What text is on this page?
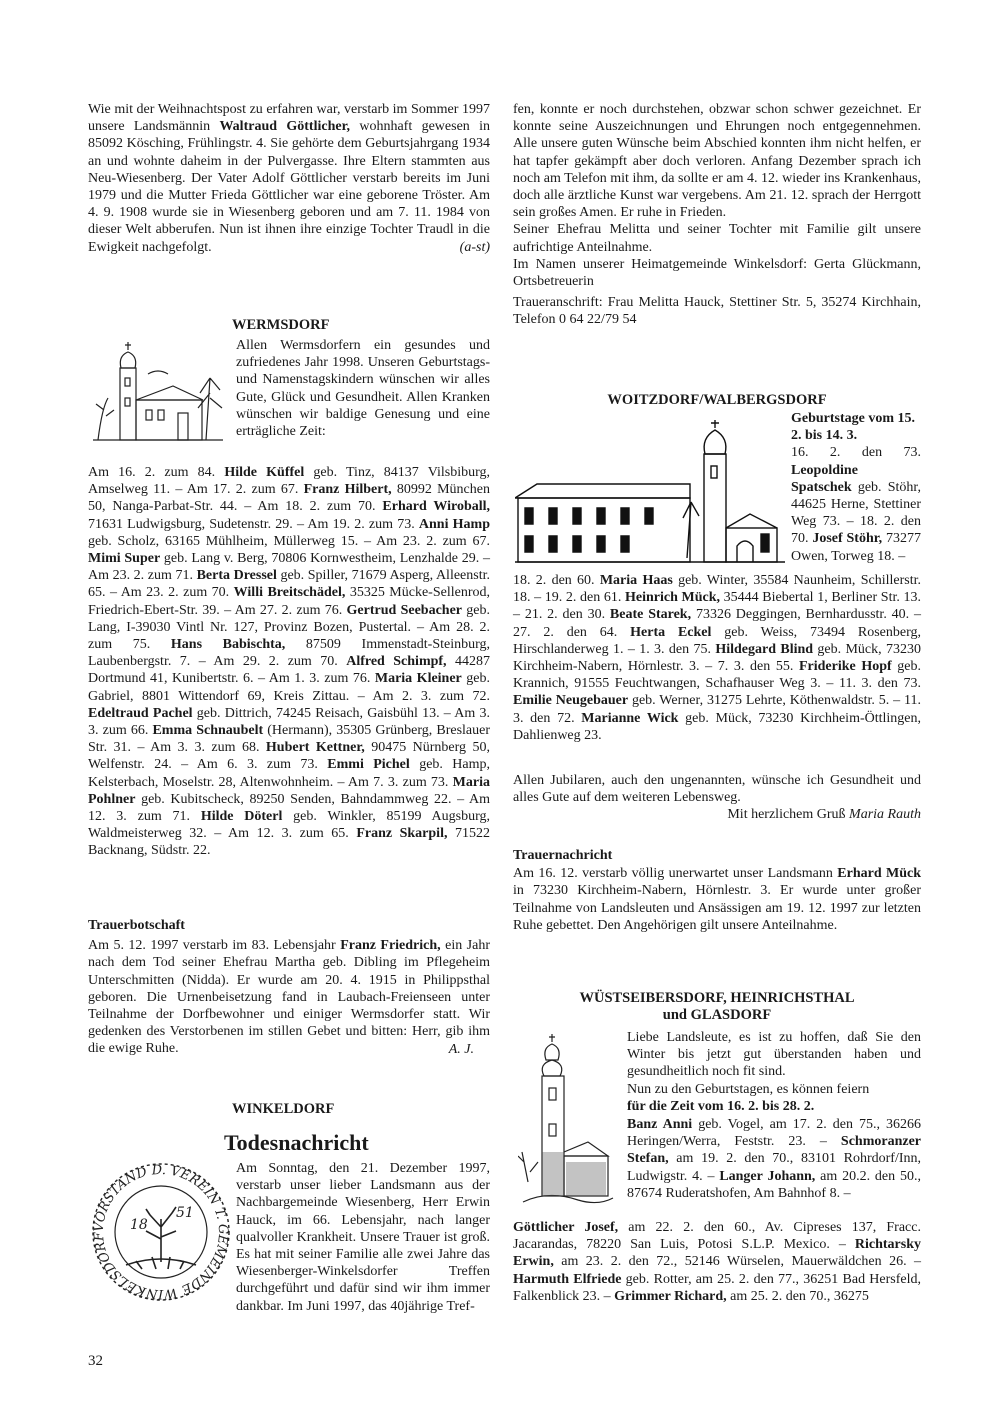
Wie mit der Weihnachtspost zu erfahren war, verstarb im Sommer 1997 unsere Landsmännin Waltraud Göttlicher, wohnhaft gewesen in 85092 Kösching, Frühlingstr. 4. Sie gehörte dem Geburtsjahrgang 1934 an und wohnte daheim in der Pulvergasse. Ihre Eltern stammten aus Neu-Wiesenberg. Der Vater Adolf Göttlicher verstarb bereits im Juni 1979 und die Mutter Frieda Göttlicher war eine geborene Tröster. Am 4. 9. 1908 wurde sie in Wiesenberg geboren und am 7. 11. 1984 von dieser Welt abberufen. Nun ist ihnen ihre einzige Tochter Traudl in die Ewigkeit nachgefolgt.	(a-st)

WERMSDORF

Allen Wermsdorfern ein gesundes und zufriedenes Jahr 1998. Unseren Geburtstags- und Namenstagskindern wünschen wir alles Gute, Glück und Gesundheit. Allen Kranken wünschen wir baldige Genesung und eine erträgliche Zeit:

Am 16. 2. zum 84. Hilde Küffel geb. Tinz, 84137 Vilsbiburg, Amselweg 11. – Am 17. 2. zum 67. Franz Hilbert, 80992 München 50, Nanga-Parbat-Str. 44. – Am 18. 2. zum 70. Erhard Wiroball, 71631 Ludwigsburg, Sudetenstr. 29. – Am 19. 2. zum 73. Anni Hamp geb. Scholz, 63165 Mühlheim, Müllerweg 15. – Am 23. 2. zum 67. Mimi Super geb. Lang v. Berg, 70806 Kornwestheim, Lenzhalde 29. – Am 23. 2. zum 71. Berta Dressel geb. Spiller, 71679 Asperg, Alleenstr. 65. – Am 23. 2. zum 70. Willi Breitschädel, 35325 Mücke-Sellenrod, Friedrich-Ebert-Str. 39. – Am 27. 2. zum 76. Gertrud Seebacher geb. Lang, I-39030 Vintl Nr. 127, Provinz Bozen, Pustertal. – Am 28. 2. zum 75. Hans Babischta, 87509 Immenstadt-Steinburg, Laubenbergstr. 7. – Am 29. 2. zum 70. Alfred Schimpf, 44287 Dortmund 41, Kunibertstr. 6. – Am 1. 3. zum 76. Maria Kleiner geb. Gabriel, 8801 Wittendorf 69, Kreis Zittau. – Am 2. 3. zum 72. Edeltraud Pachel geb. Dittrich, 74245 Reisach, Gaisbühl 13. – Am 3. 3. zum 66. Emma Schnaubelt (Hermann), 35305 Grünberg, Breslauer Str. 31. – Am 3. 3. zum 68. Hubert Kettner, 90475 Nürnberg 50, Welfenstr. 24. – Am 6. 3. zum 73. Emmi Pichel geb. Hamp, Kelsterbach, Moselstr. 28, Altenwohnheim. – Am 7. 3. zum 73. Maria Pohlner geb. Kubitscheck, 89250 Senden, Bahndammweg 22. – Am 12. 3. zum 71. Hilde Döterl geb. Winkler, 85199 Augsburg, Waldmeisterweg 32. – Am 12. 3. zum 65. Franz Skarpil, 71522 Backnang, Südstr. 22.

Trauerbotschaft

Am 5. 12. 1997 verstarb im 83. Lebensjahr Franz Friedrich, ein Jahr nach dem Tod seiner Ehefrau Martha geb. Dibling im Pflegeheim Unterschmitten (Nidda). Er wurde am 20. 4. 1915 in Philippsthal geboren. Die Urnenbeisetzung fand in Laubach-Freienseen unter Teilnahme der Dorfbewohner und einiger Wermsdorfer statt. Wir gedenken des Verstorbenen im stillen Gebet und bitten: Herr, gib ihm die ewige Ruhe.	A. J.

WINKELDORF
Todesnachricht
VORSTAND D. VEREIN T. GEMEINDE WINKELSDORF
18
51

Am Sonntag, den 21. Dezember 1997, verstarb unser lieber Landsmann aus der Nachbargemeinde Wiesenberg, Herr Erwin Hauck, im 66. Lebensjahr, nach langer qualvoller Krankheit. Unsere Trauer ist groß. Es hat mit seiner Familie alle zwei Jahre das Wiesenberger-Winkelsdorfer Treffen durchgeführt und dafür sind wir ihm immer dankbar. Im Juni 1997, das 40jährige Tref-

fen, konnte er noch durchstehen, obzwar schon schwer gezeichnet. Er konnte seine Auszeichnungen und Ehrungen noch entgegennehmen. Alle unsere guten Wünsche beim Abschied konnten ihm nicht helfen, er hat tapfer gekämpft aber doch verloren. Anfang Dezember sprach ich noch am Telefon mit ihm, da sollte er am 4. 12. wieder ins Krankenhaus, doch alle ärztliche Kunst war vergebens. Am 21. 12. sprach der Herrgott sein großes Amen. Er ruhe in Frieden.

Seiner Ehefrau Melitta und seiner Tochter mit Familie gilt unsere aufrichtige Anteilnahme.

Im Namen unserer Heimatgemeinde Winkelsdorf: Gerta Glückmann, Ortsbetreuerin

Traueranschrift: Frau Melitta Hauck, Stettiner Str. 5, 35274 Kirchhain, Telefon 0 64 22/79 54

WOITZDORF/WALBERGSDORF

Geburtstage vom 15. 2. bis 14. 3.

16. 2. den 73. Leopoldine Spatschek geb. Stöhr, 44625 Herne, Stettiner Weg 73. – 18. 2. den 70. Josef Stöhr, 73277 Owen, Torweg 18. –

18. 2. den 60. Maria Haas geb. Winter, 35584 Naunheim, Schillerstr. 18. – 19. 2. den 61. Heinrich Mück, 35444 Biebertal 1, Berliner Str. 13. – 21. 2. den 30. Beate Starek, 73326 Deggingen, Bernhardusstr. 40. – 27. 2. den 64. Herta Eckel geb. Weiss, 73494 Rosenberg, Hirschlanderweg 1. – 1. 3. den 75. Hildegard Blind geb. Mück, 73230 Kirchheim-Nabern, Hörnlestr. 3. – 7. 3. den 55. Friderike Hopf geb. Krannich, 91555 Feuchtwangen, Schafhauser Weg 3. – 11. 3. den 73. Emilie Neugebauer geb. Werner, 31275 Lehrte, Köthenwaldstr. 5. – 11. 3. den 72. Marianne Wick geb. Mück, 73230 Kirchheim-Öttlingen, Dahlienweg 23.

Allen Jubilaren, auch den ungenannten, wünsche ich Gesundheit und alles Gute auf dem weiteren Lebensweg.

Mit herzlichem Gruß Maria Rauth

Trauernachricht

Am 16. 12. verstarb völlig unerwartet unser Landsmann Erhard Mück in 73230 Kirchheim-Nabern, Hörnlestr. 3. Er wurde unter großer Teilnahme von Landsleuten und Ansässigen am 19. 12. 1997 zur letzten Ruhe gebettet. Den Angehörigen gilt unsere Anteilnahme.

WÜSTSEIBERSDORF, HEINRICHSTHAL
und GLASDORF

Liebe Landsleute, es ist zu hoffen, daß Sie den Winter bis jetzt gut überstanden haben und gesundheitlich noch fit sind.

Nun zu den Geburtstagen, es können feiern

für die Zeit vom 16. 2. bis 28. 2.

Banz Anni geb. Vogel, am 17. 2. den 75., 36266 Heringen/Werra, Feststr. 23. – Schmoranzer Stefan, am 19. 2. den 70., 83101 Rohrdorf/Inn, Ludwigstr. 4. – Langer Johann, am 20.2. den 50., 87674 Ruderatshofen, Am Bahnhof 8. –

Göttlicher Josef, am 22. 2. den 60., Av. Cipreses 137, Fracc. Jacarandas, 78220 San Luis, Potosi S.L.P. Mexico. – Richtarsky Erwin, am 23. 2. den 72., 52146 Würselen, Mauerwäldchen 26. – Harmuth Elfriede geb. Rotter, am 25. 2. den 77., 36251 Bad Hersfeld, Falkenblick 23. – Grimmer Richard, am 25. 2. den 70., 36275

32
